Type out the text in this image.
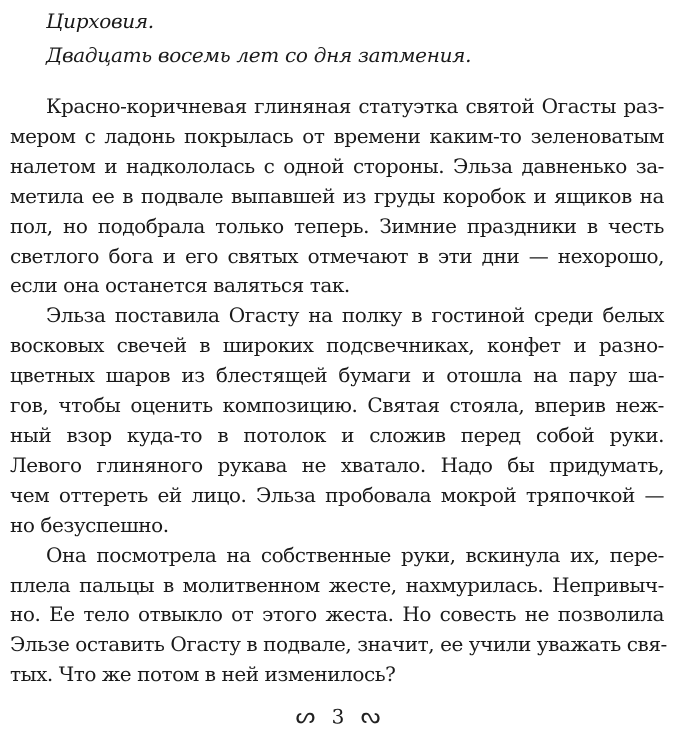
Цирховия.
Двадцать восемь лет со дня затмения.
Красно-коричневая глиняная статуэтка святой Огасты раз-
мером с ладонь покрылась от времени каким-то зеленоватым
налетом и надкололась с одной стороны. Эльза давненько за-
метила ее в подвале выпавшей из груды коробок и ящиков на
пол, но подобрала только теперь. Зимние праздники в честь
светлого бога и его святых отмечают в эти дни — нехорошо,
если она останется валяться так.
Эльза поставила Огасту на полку в гостиной среди белых
восковых свечей в широких подсвечниках, конфет и разно-
цветных шаров из блестящей бумаги и отошла на пару ша-
гов, чтобы оценить композицию. Святая стояла, вперив неж-
ный взор куда-то в потолок и сложив перед собой руки.
Левого глиняного рукава не хватало. Надо бы придумать,
чем оттереть ей лицо. Эльза пробовала мокрой тряпочкой —
но безуспешно.
Она посмотрела на собственные руки, вскинула их, пере-
плела пальцы в молитвенном жесте, нахмурилась. Непривыч-
но. Ее тело отвыкло от этого жеста. Но совесть не позволила
Эльзе оставить Огасту в подвале, значит, ее учили уважать свя-
тых. Что же потом в ней изменилось?
ᔕ 3 ᔓ
